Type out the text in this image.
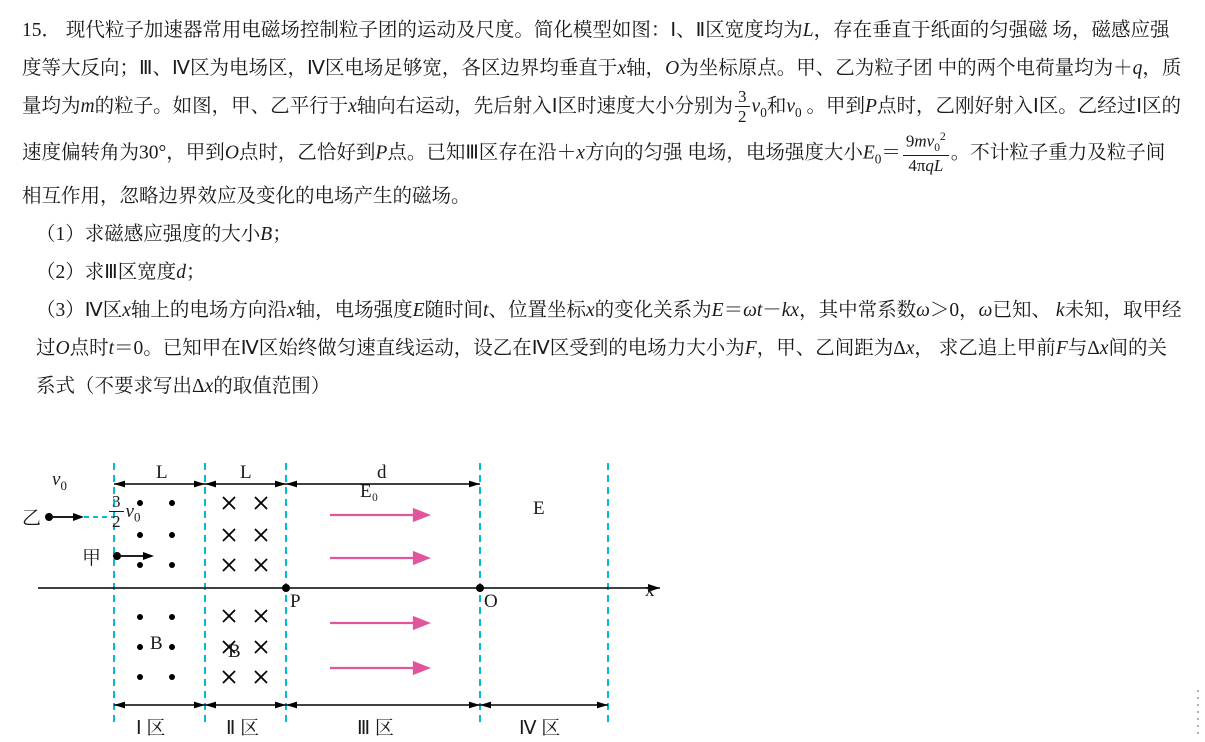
15． 现代粒子加速器常用电磁场控制粒子团的运动及尺度。简化模型如图：Ⅰ、Ⅱ区宽度均为L，存在垂直于纸面的匀强磁 场，磁感应强度等大反向；Ⅲ、Ⅳ区为电场区，Ⅳ区电场足够宽，各区边界均垂直于x轴，O为坐标原点。甲、乙为粒子团 中的两个电荷量均为＋q，质量均为m的粒子。如图，甲、乙平行于x轴向右运动，先后射入Ⅰ区时速度大小分别为 $\frac{3}{2} v_0$和$v_0$ 。甲到P点时，乙刚好射入Ⅰ区。乙经过Ⅰ区的速度偏转角为30°，甲到O点时，乙恰好到P点。已知Ⅲ区存在沿＋x方向的匀强 电场，电场强度大小$E_0= \frac{9mv_0^2}{\text{4πqL}}$ 。不计粒子重力及粒子间相互作用，忽略边界效应及变化的电场产生的磁场。

（1）求磁感应强度的大小B；

（2）求Ⅲ区宽度d；

（3）Ⅳ区x轴上的电场方向沿x轴，电场强度E随时间t、位置坐标x的变化关系为E＝ωt－kx，其中常系数ω＞0，ω已知、 k未知，取甲经过O点时t＝0。已知甲在Ⅳ区始终做匀速直线运动，设乙在Ⅳ区受到的电场力大小为F，甲、乙间距为Δx， 求乙追上甲前F与Δx间的关系式（不要求写出Δx的取值范围）

L	L	d
E₀
E
B	B
乙
$v_0$
甲
$\frac{3}{2} v_0$
P	O
x
Ⅰ 区	Ⅱ 区	Ⅲ 区	Ⅳ 区
